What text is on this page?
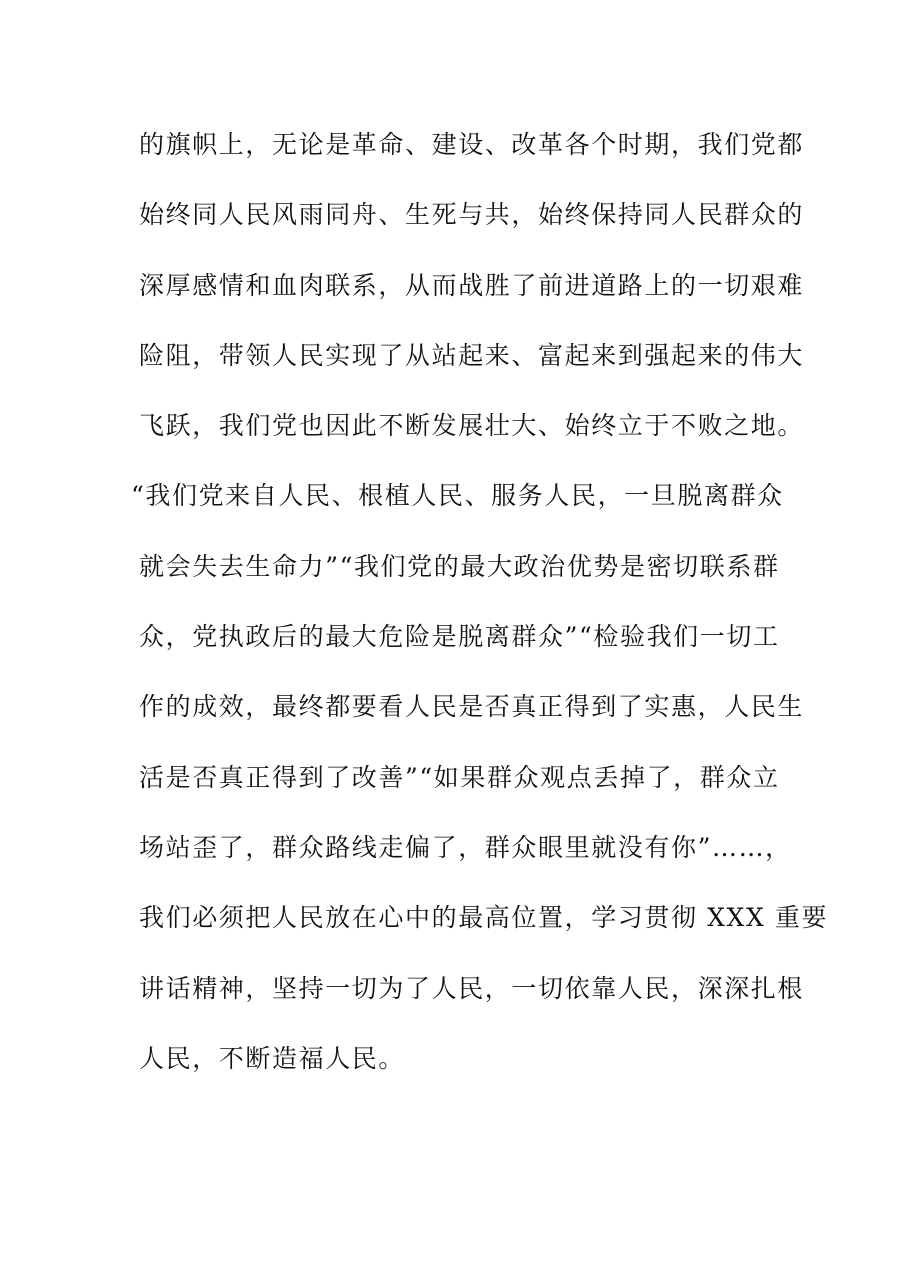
的旗帜上，无论是革命、建设、改革各个时期，我们党都
始终同人民风雨同舟、生死与共，始终保持同人民群众的
深厚感情和血肉联系，从而战胜了前进道路上的一切艰难
险阻，带领人民实现了从站起来、富起来到强起来的伟大
飞跃，我们党也因此不断发展壮大、始终立于不败之地。
“我们党来自人民、根植人民、服务人民，一旦脱离群众
就会失去生命力”“我们党的最大政治优势是密切联系群
众，党执政后的最大危险是脱离群众”“检验我们一切工
作的成效，最终都要看人民是否真正得到了实惠，人民生
活是否真正得到了改善”“如果群众观点丢掉了，群众立
场站歪了，群众路线走偏了，群众眼里就没有你”……，
我们必须把人民放在心中的最高位置，学习贯彻 XXX 重要
讲话精神，坚持一切为了人民，一切依靠人民，深深扎根
人民，不断造福人民。
